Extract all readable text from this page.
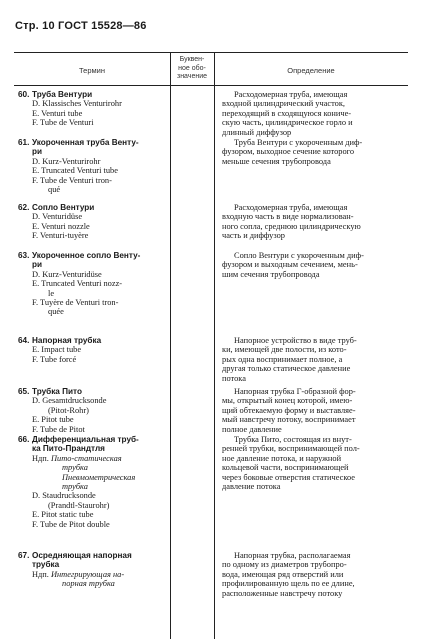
Стр. 10 ГОСТ 15528—86
Термин
Буквен-
ное обо-
значение
Определение
60. Труба Вентури
D. Klassisches Venturirohr
E. Venturi tube
F. Tube de Venturi
61. Укороченная труба Венту-
ри
D. Kurz-Venturirohr
E. Truncated Venturi tube
F. Tube de Venturi tron-
qué
62. Сопло Вентури
D. Venturidüse
E. Venturi nozzle
F. Venturi-tuyère
63. Укороченное сопло Венту-
ри
D. Kurz-Venturidüse
E. Truncated Venturi nozz-
le
F. Tuyère de Venturi tron-
quée
64. Напорная трубка
E. Impact tube
F. Tube forcé
65. Трубка Пито
D. Gesamtdrucksonde
(Pitot-Rohr)
E. Pitot tube
F. Tube de Pitot
66. Дифференциальная труб-
ка Пито-Прандтля
Ндп. Пито-статическая
трубка
Пневмометрическая
трубка
D. Staudrucksonde
(Prandtl-Staurohr)
E. Pitot static tube
F. Tube de Pitot double
67. Осредняющая напорная
трубка
Ндп. Интегрирующая на-
порная трубка
Расходомерная труба, имеющая
входной цилиндрический участок,
переходящий в сходящуюся кониче-
скую часть, цилиндрическое горло и
длинный диффузор
Труба Вентури с укороченным диф-
фузором, выходное сечение которого
меньше сечения трубопровода
Расходомерная труба, имеющая
входную часть в виде нормализован-
ного сопла, среднюю цилиндрическую
часть и диффузор
Сопло Вентури с укороченным диф-
фузором и выходным сечением, мень-
шим сечения трубопровода
Напорное устройство в виде труб-
ки, имеющей две полости, из кото-
рых одна воспринимает полное, а
другая только статическое давление
потока
Напорная трубка Г-образной фор-
мы, открытый конец которой, имею-
щий обтекаемую форму и выставляе-
мый навстречу потоку, воспринимает
полное давление
Трубка Пито, состоящая из внут-
ренней трубки, воспринимающей пол-
ное давление потока, и наружной
кольцевой части, воспринимающей
через боковые отверстия статическое
давление потока
Напорная трубка, располагаемая
по одному из диаметров трубопро-
вода, имеющая ряд отверстий или
профилированную щель по ее длине,
расположенные навстречу потоку
